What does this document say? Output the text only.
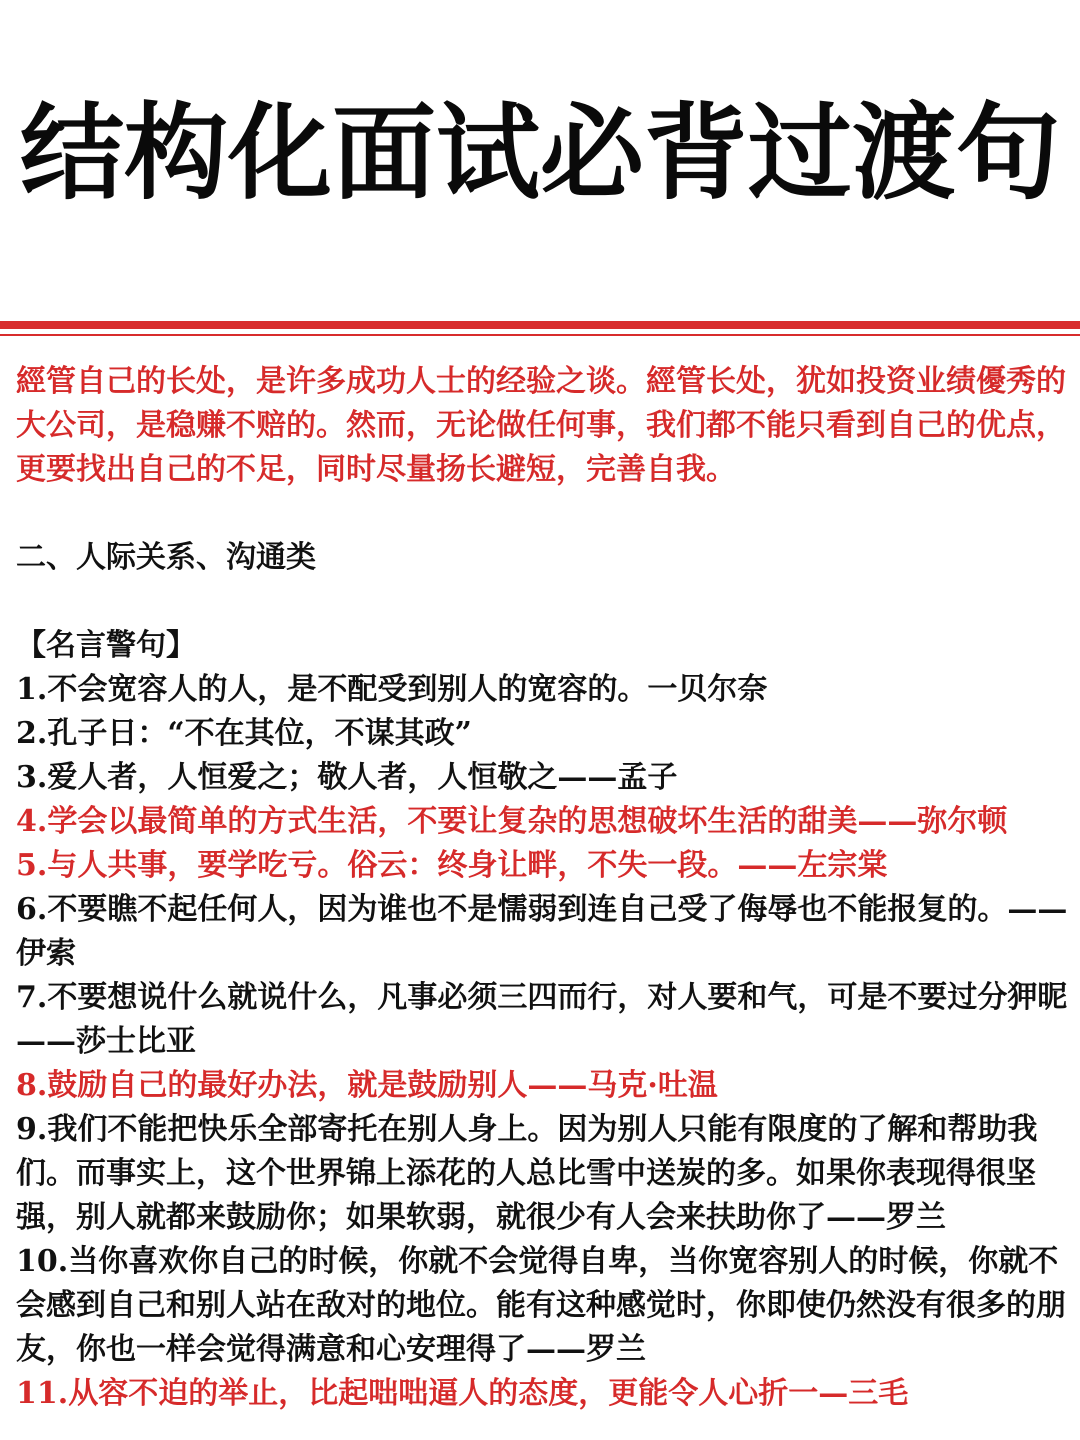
结构化面试必背过渡句

經管自己的长处，是许多成功人士的经验之谈。經管长处，犹如投资业绩優秀的大公司，是稳赚不赔的。然而，无论做任何事，我们都不能只看到自己的优点，更要找出自己的不足，同时尽量扬长避短，完善自我。

二、人际关系、沟通类

【名言警句】

1.不会宽容人的人，是不配受到别人的宽容的。一贝尔奈

2.孔子日：“不在其位，不谋其政”

3.爱人者，人恒爱之；敬人者，人恒敬之——孟子

4.学会以最简单的方式生活，不要让复杂的思想破坏生活的甜美——弥尔顿

5.与人共事，要学吃亏。俗云：终身让畔，不失一段。——左宗棠

6.不要瞧不起任何人，因为谁也不是懦弱到连自己受了侮辱也不能报复的。——伊索

7.不要想说什么就说什么，凡事必须三四而行，对人要和气，可是不要过分狎昵——莎士比亚

8.鼓励自己的最好办法，就是鼓励别人——马克·吐温

9.我们不能把快乐全部寄托在别人身上。因为别人只能有限度的了解和帮助我们。而事实上，这个世界锦上添花的人总比雪中送炭的多。如果你表现得很坚强，别人就都来鼓励你；如果软弱，就很少有人会来扶助你了——罗兰

10.当你喜欢你自己的时候，你就不会觉得自卑，当你宽容别人的时候，你就不会感到自己和别人站在敌对的地位。能有这种感觉时，你即使仍然没有很多的朋友，你也一样会觉得满意和心安理得了——罗兰

11.从容不迫的举止，比起咄咄逼人的态度，更能令人心折一—三毛
